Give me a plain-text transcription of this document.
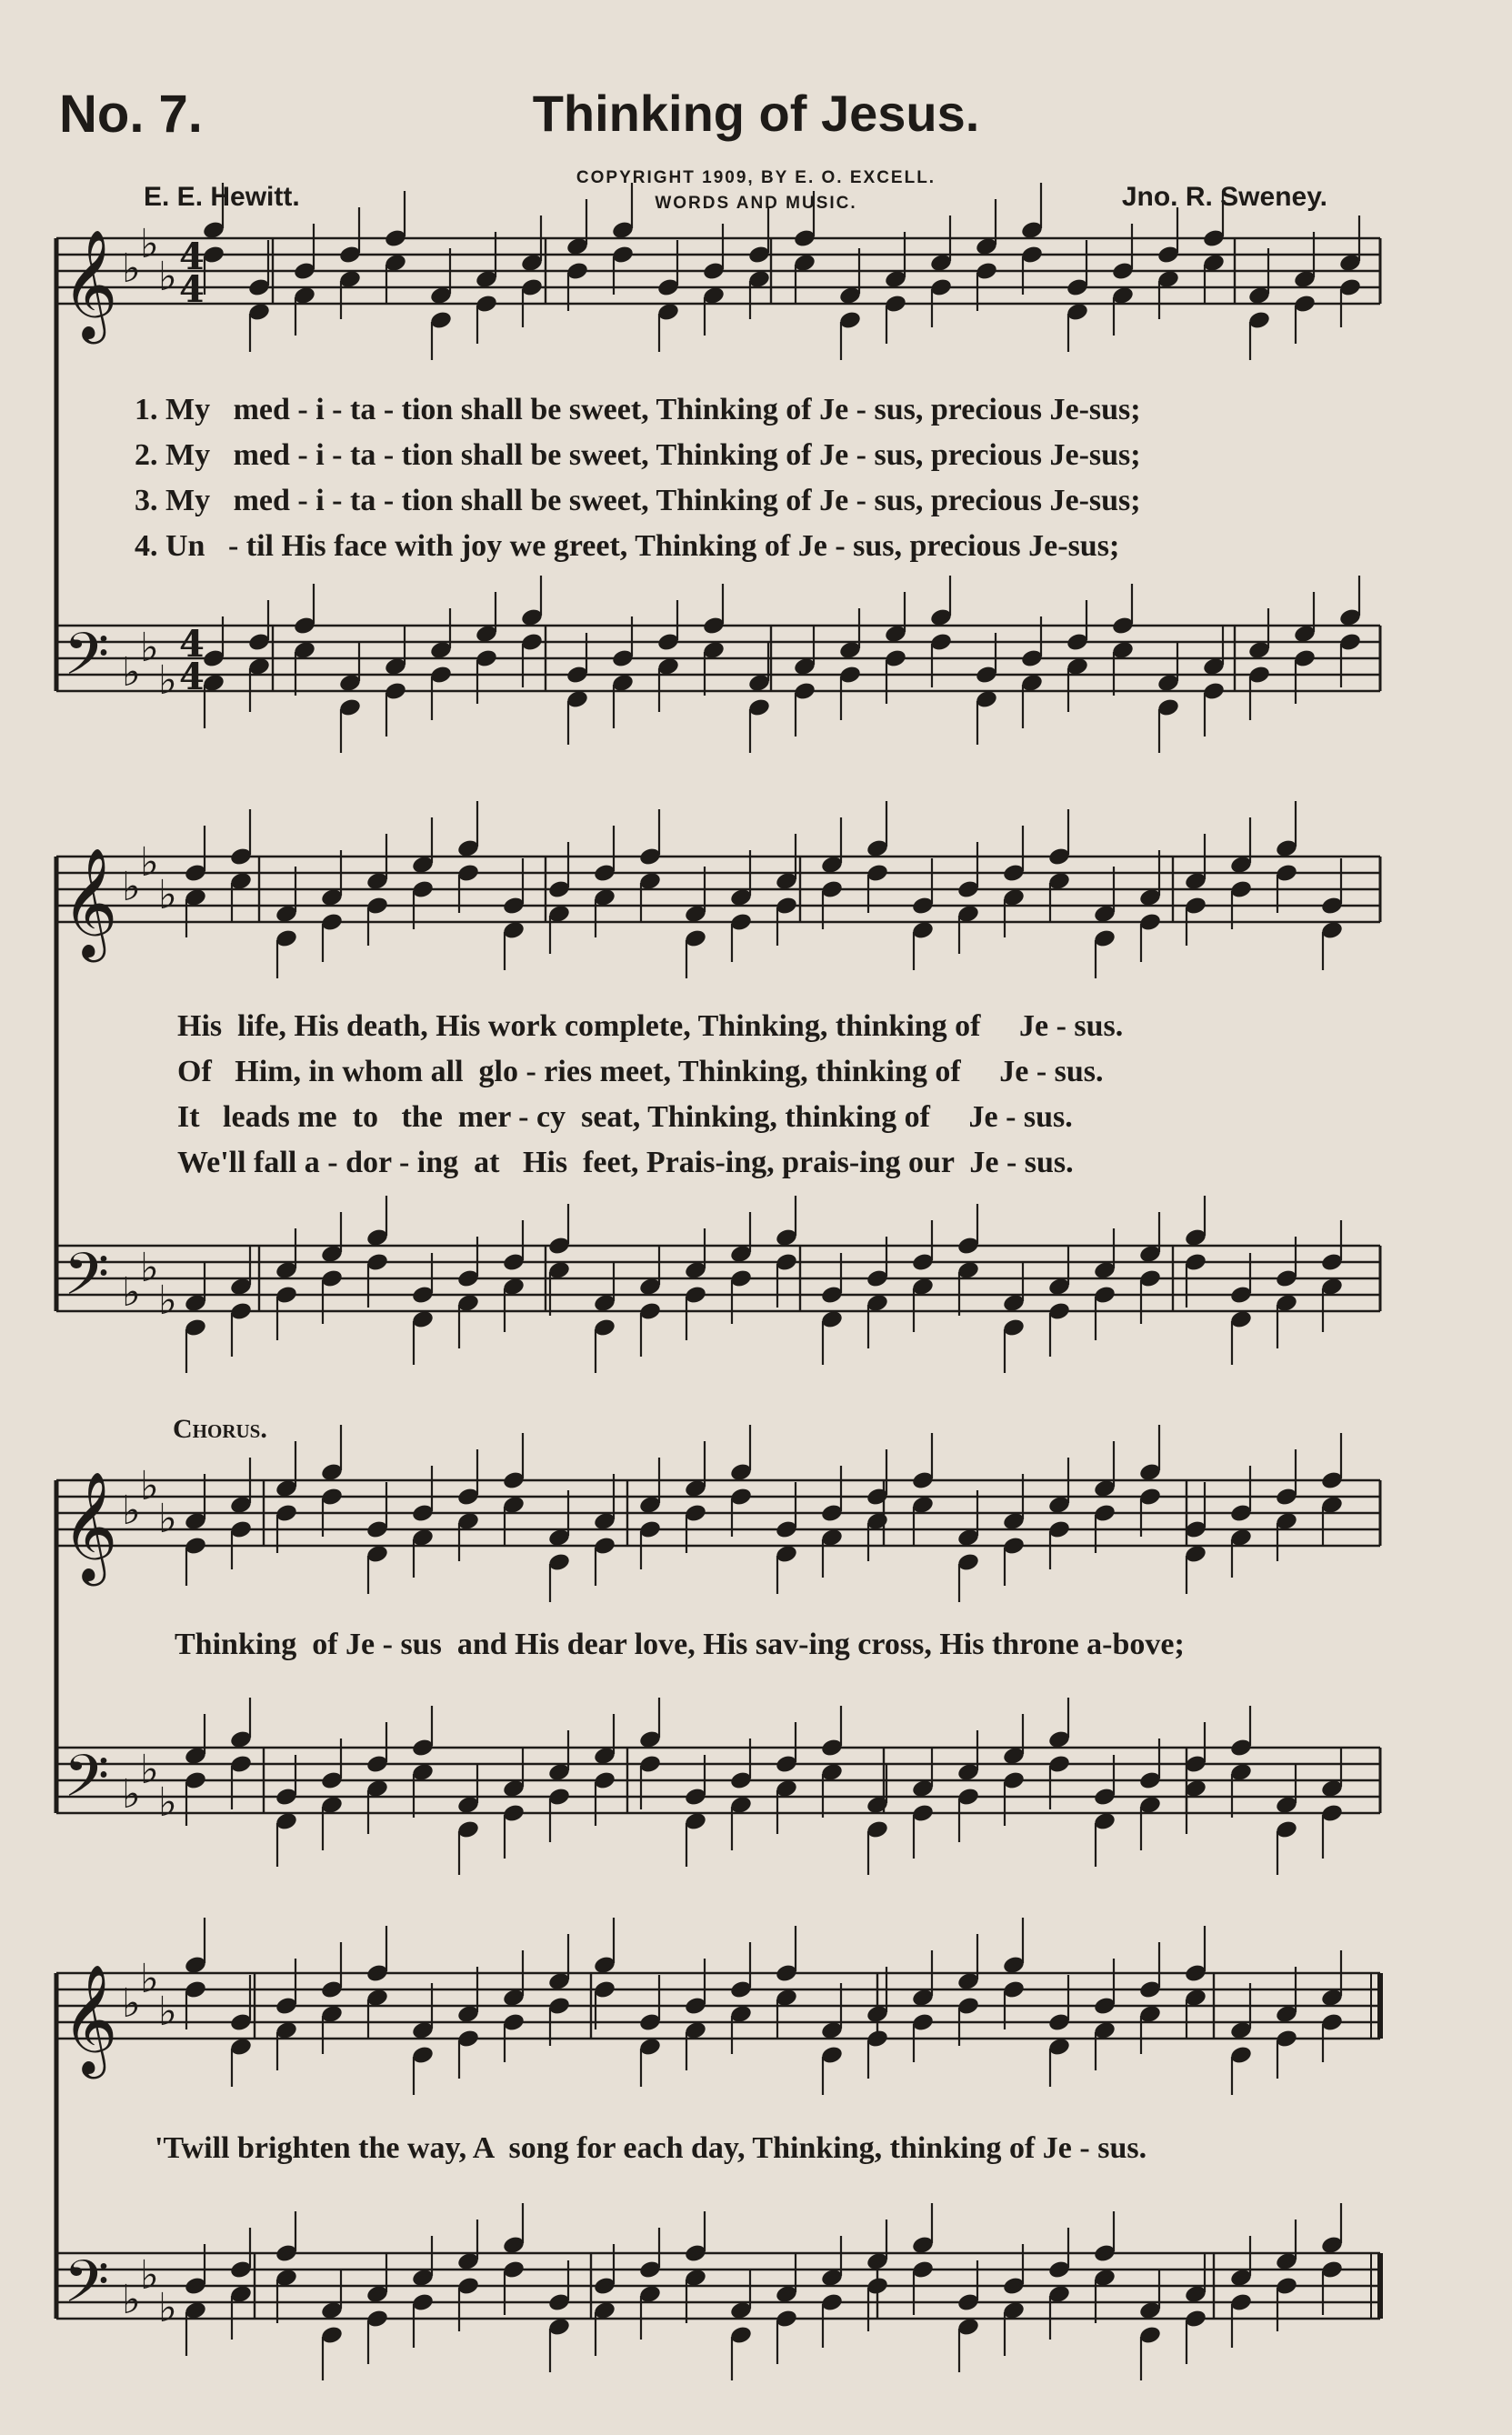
No. 7.	Thinking of Jesus.
COPYRIGHT 1909, BY E. O. EXCELL.
WORDS AND MUSIC.
E. E. Hewitt.	Jno. R. Sweney.
𝄞 ♭
♭
♭
𝄢 ♭
♭
♭
4
4
4
4
𝄞 ♭
♭
♭
𝄢 ♭
♭
♭
𝄞 ♭
♭
♭
𝄢 ♭
♭
♭
𝄞 ♭
♭
♭
𝄢 ♭
♭
♭
1. My   med - i - ta - tion shall be sweet, Thinking of Je - sus, precious Je-sus;
2. My   med - i - ta - tion shall be sweet, Thinking of Je - sus, precious Je-sus;
3. My   med - i - ta - tion shall be sweet, Thinking of Je - sus, precious Je-sus;
4. Un   - til His face with joy we greet, Thinking of Je - sus, precious Je-sus;
His  life, His death, His work complete, Thinking, thinking of     Je - sus.
Of   Him, in whom all  glo - ries meet, Thinking, thinking of     Je - sus.
It   leads me  to   the  mer - cy  seat, Thinking, thinking of     Je - sus.
We'll fall a - dor - ing  at   His  feet, Prais-ing, prais-ing our  Je - sus.
Chorus.
Thinking  of Je - sus  and His dear love, His sav-ing cross, His throne a-bove;
'Twill brighten the way, A  song for each day, Thinking, thinking of Je - sus.
